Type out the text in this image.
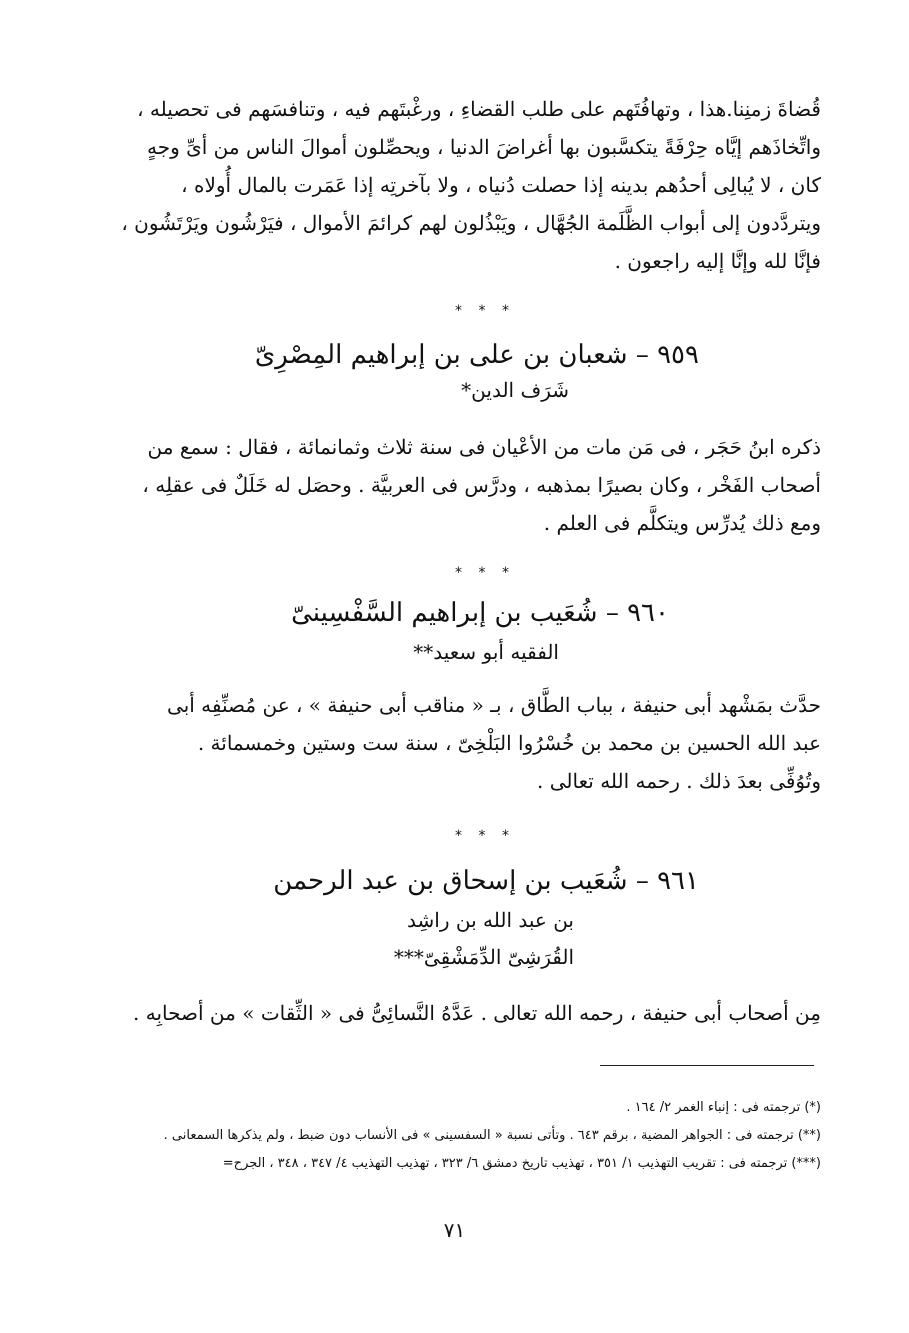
قُضاةَ زمنِنا.هذا ، وتهافُتَهم على طلب القضاءِ ، ورغْبتَهم فيه ، وتنافسَهم فى تحصيله ،
واتِّخاذَهم إيَّاه حِرْفَةً يتكسَّبون بها أغراضَ الدنيا ، ويحصِّلون أموالَ الناس من أىِّ وجهٍ
كان ، لا يُبالِى أحدُهم بدينه إذا حصلت دُنياه ، ولا بآخرتِه إذا عَمَرت بالمال أُولاه ،
ويتردَّدون إلى أبواب الظَّلَمة الجُهَّال ، ويَبْذُلون لهم كرائمَ الأموال ، فيَرْشُون ويَرْتَشُون ،
فإنَّا لله وإنَّا إليه راجعون .
* * *
٩٥٩ – شعبان بن على بن إبراهيم المِصْرِىّ
شَرَف الدين*
ذكره ابنُ حَجَر ، فى مَن مات من الأعْيان فى سنة ثلاث وثمانمائة ، فقال : سمع من
أصحاب الفَخْر ، وكان بصيرًا بمذهبه ، ودرَّس فى العربيَّة . وحصَل له خَلَلٌ فى عقلِه ،
ومع ذلك يُدرِّس ويتكلَّم فى العلم .
* * *
٩٦٠ – شُعَيب بن إبراهيم السَّفْسِينىّ
الفقيه أبو سعيد**
حدَّث بمَشْهد أبى حنيفة ، بباب الطَّاق ، بـ « مناقب أبى حنيفة » ، عن مُصنِّفِه أبى
عبد الله الحسين بن محمد بن خُسْرُوا البَلْخِىّ ، سنة ست وستين وخمسمائة .
وتُوُفِّى بعدَ ذلك . رحمه الله تعالى .
* * *
٩٦١ – شُعَيب بن إسحاق بن عبد الرحمن
بن عبد الله بن راشِد
القُرَشِىّ الدِّمَشْقِىّ***
مِن أصحاب أبى حنيفة ، رحمه الله تعالى . عَدَّهُ النَّسائِىُّ فى « الثِّقات » من أصحابِه .
(*) ترجمته فى : إنباء الغمر ٢/ ١٦٤ .
(**) ترجمته فى : الجواهر المضية ، برقم ٦٤٣ . وتأتى نسبة « السفسينى » فى الأنساب دون ضبط ، ولم يذكرها السمعانى .
(***) ترجمته فى : تقريب التهذيب ١/ ٣٥١ ، تهذيب تاريخ دمشق ٦/ ٣٢٣ ، تهذيب التهذيب ٤/ ٣٤٧ ، ٣٤٨ ، الجرح=
٧١
